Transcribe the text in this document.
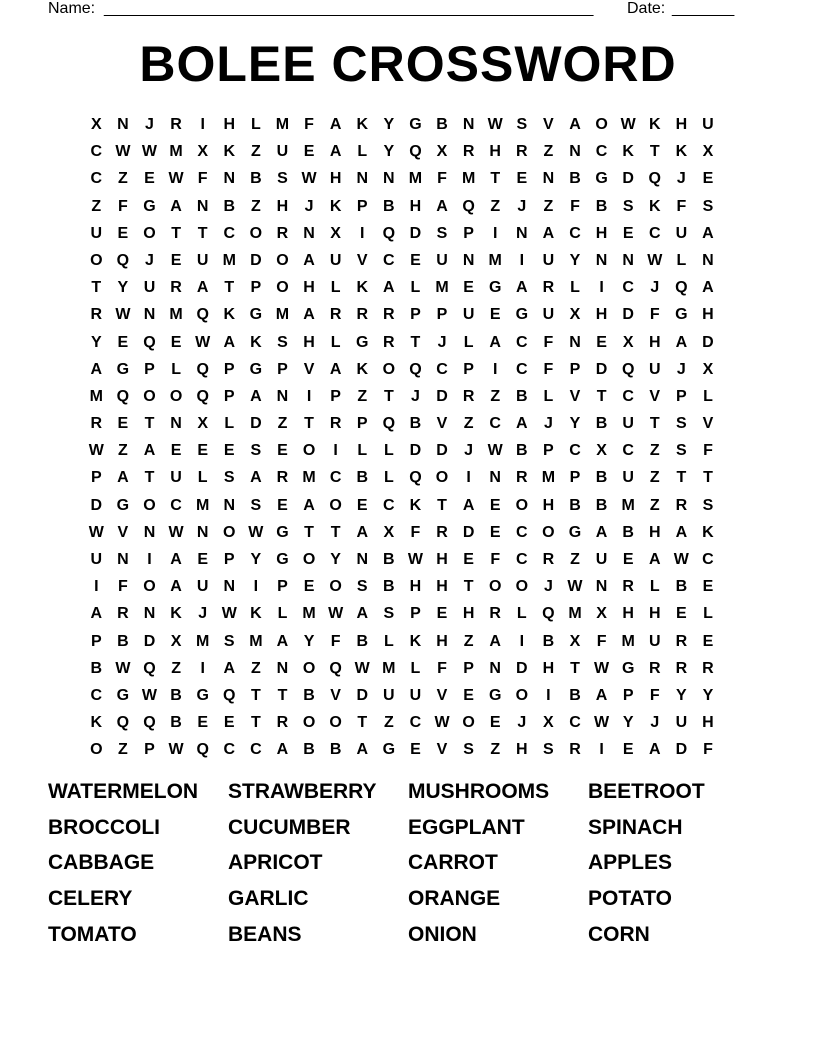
Name: _______________________________________________________ Date: _______
BOLEE CROSSWORD
X N	J	R	I	H L M F A K Y G B N W S V A O W K H U
C W W M X K Z U E A L	Y Q X R H R Z N C K T K X
C Z	E W F N B S W H N N M F M T	E N B G D Q J	E
Z	F G A N B Z H	J	K P B H A Q Z	J	Z	F B S K F	S
U E O T	T C O R N X	I	Q D S P	I	N A C H E C U A
O Q J	E U M D O A U V C E U N M	I	U Y N N W L N
T	Y U R A T	P O H L K A L M E G A R L	I	C	J Q A
R W N M Q K G M A R R R P P U E G U X H D F G H
Y E Q E W A K S H L G R T	J	L A C F N E X H A D
A G P	L Q P G P V A K O Q C P	I	C F	P D Q U	J	X
M Q O O Q P A N	I	P	Z	T	J	D R Z B L	V	T C V P	L
R E	T N X	L D Z	T R P Q B V	Z C A	J	Y B U T	S V
W Z A E E E S E O	I	L	L D D	J W B P C X C Z	S	F
P A T U L	S A R M C B L Q O	I	N R M P B U Z	T	T
D G O C M N S E A O E C K T A E O H B B M Z R S
W V N W N O W G T	T A X	F R D E C O G A B H A K
U N	I	A E P Y G O Y N B W H E	F C R Z U E A W C
I	F O A U N	I	P E O S B H H T O O J W N R L B E
A R N K	J W K L M W A S P E H R L Q M X H H E	L
P B D X M S M A Y	F B L K H Z A	I	B X	F M U R E
B W Q Z	I	A Z N O Q W M L	F	P N D H T W G R R R
C G W B G Q T	T B V D U U V E G O	I	B A P	F	Y Y
K Q Q B E E	T R O O T	Z C W O E	J	X C W Y	J	U H
O Z	P W Q C C A B B A G E V S	Z H S R	I	E A D F
WATERMELON	STRAWBERRY	MUSHROOMS	BEETROOT
BROCCOLI	CUCUMBER	EGGPLANT	SPINACH
CABBAGE	APRICOT	CARROT	APPLES
CELERY	GARLIC	ORANGE	POTATO
TOMATO	BEANS	ONION	CORN
